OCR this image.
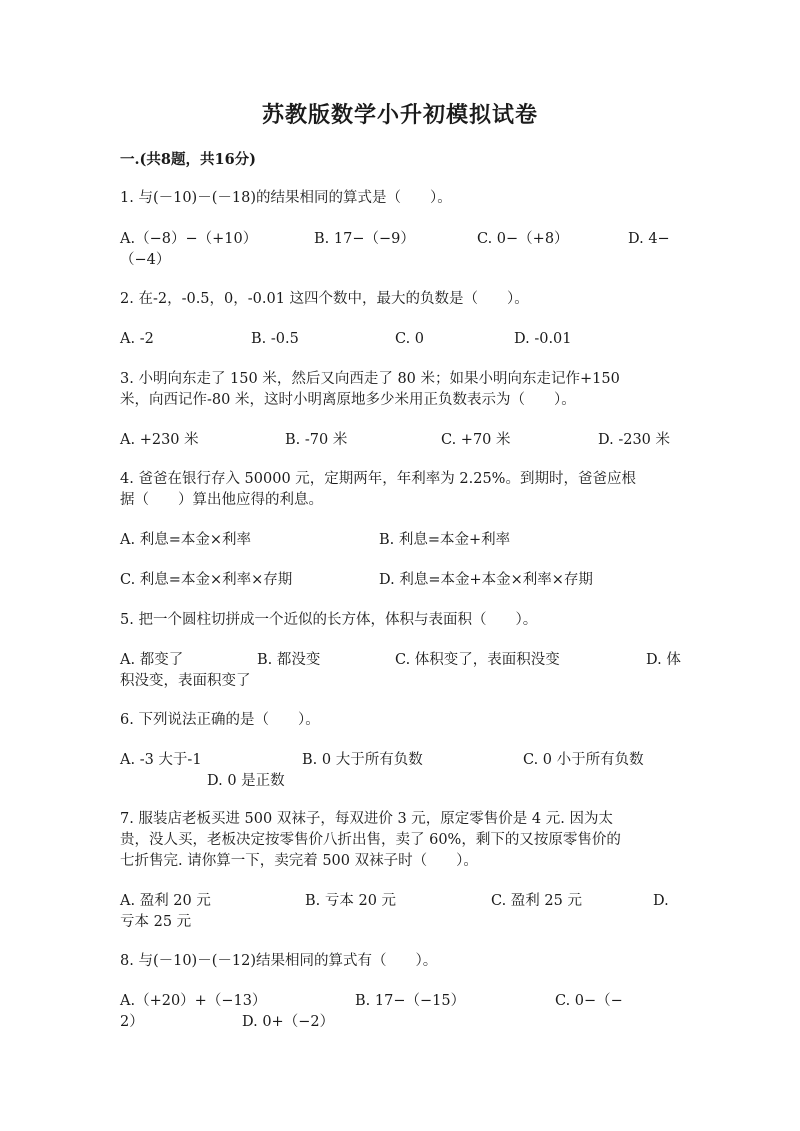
苏教版数学小升初模拟试卷
一.(共8题，共16分)
1. 与(－10)－(－18)的结果相同的算式是（　　）。
A.（−8）−（+10）	B. 17−（−9）	C. 0−（+8）	D. 4−
（−4）
2. 在-2，-0.5，0，-0.01 这四个数中，最大的负数是（　　）。
A. -2	B. -0.5	C. 0	D. -0.01
3. 小明向东走了 150 米，然后又向西走了 80 米；如果小明向东走记作+150
米，向西记作-80 米，这时小明离原地多少米用正负数表示为（　　）。
A. +230 米	B. -70 米	C. +70 米	D. -230 米
4. 爸爸在银行存入 50000 元，定期两年，年利率为 2.25%。到期时，爸爸应根
据（　　）算出他应得的利息。
A. 利息=本金×利率	B. 利息=本金+利率
C. 利息=本金×利率×存期	D. 利息=本金+本金×利率×存期
5. 把一个圆柱切拼成一个近似的长方体，体积与表面积（　　）。
A. 都变了	B. 都没变	C. 体积变了，表面积没变	D. 体
积没变，表面积变了
6. 下列说法正确的是（　　）。
A. -3 大于-1	B. 0 大于所有负数	C. 0 小于所有负数
D. 0 是正数
7. 服装店老板买进 500 双袜子，每双进价 3 元，原定零售价是 4 元. 因为太
贵，没人买，老板决定按零售价八折出售，卖了 60%，剩下的又按原零售价的
七折售完. 请你算一下，卖完着 500 双袜子时（　　）。
A. 盈利 20 元	B. 亏本 20 元	C. 盈利 25 元	D.
亏本 25 元
8. 与(－10)－(－12)结果相同的算式有（　　）。
A.（+20）+（−13）	B. 17−（−15）	C. 0−（−
2）	D. 0+（−2）
